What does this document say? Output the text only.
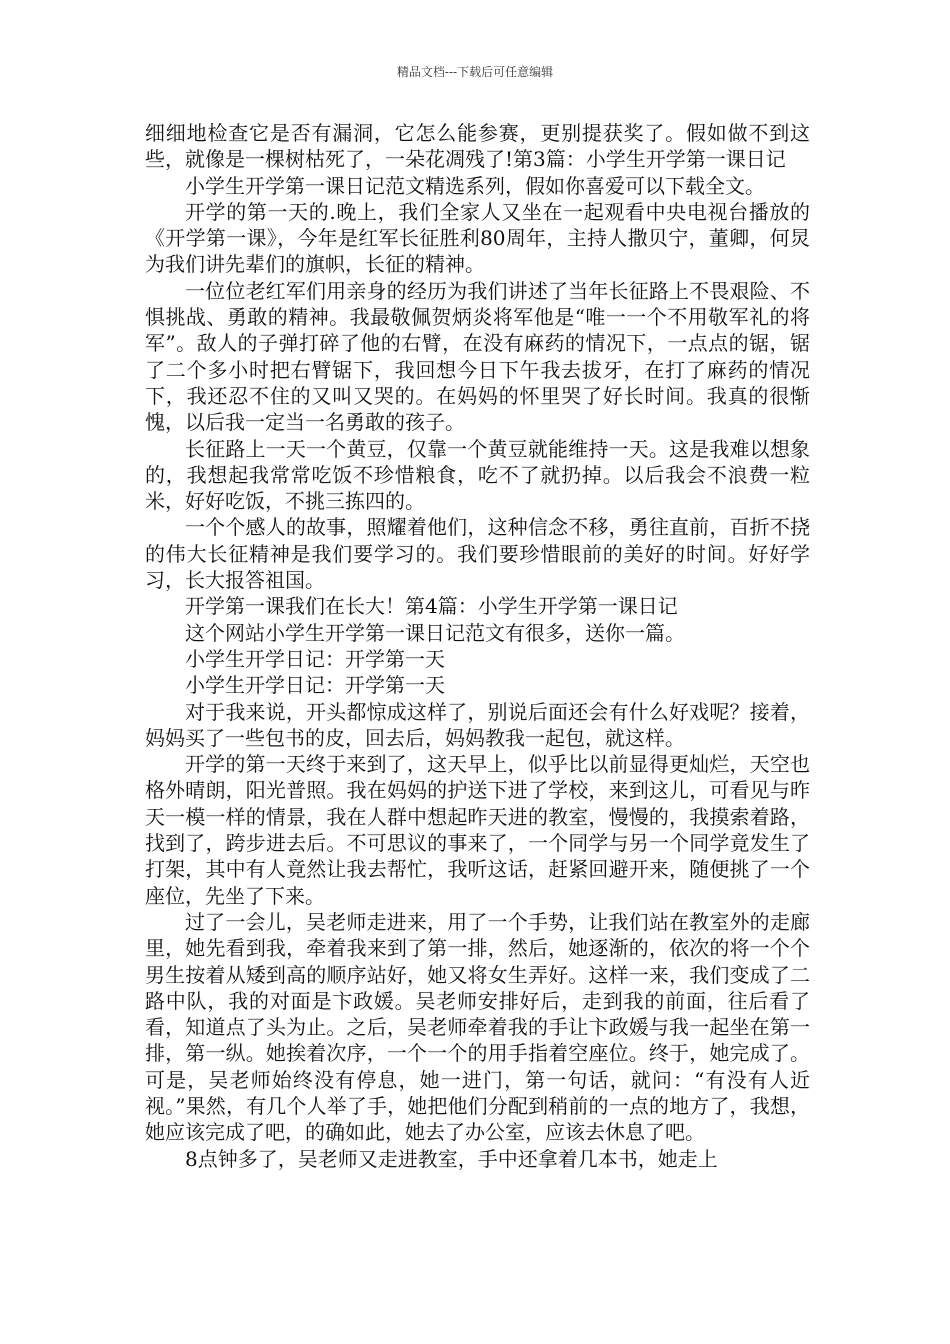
精品文档---下载后可任意编辑

细细地检查它是否有漏洞，它怎么能参赛，更别提获奖了。假如做不到这些，就像是一棵树枯死了，一朵花凋残了!第3篇：小学生开学第一课日记

小学生开学第一课日记范文精选系列，假如你喜爱可以下载全文。

开学的第一天的.晚上，我们全家人又坐在一起观看中央电视台播放的《开学第一课》，今年是红军长征胜利80周年，主持人撒贝宁，董卿，何炅为我们讲先辈们的旗帜，长征的精神。

一位位老红军们用亲身的经历为我们讲述了当年长征路上不畏艰险、不惧挑战、勇敢的精神。我最敬佩贺炳炎将军他是“唯一一个不用敬军礼的将军”。敌人的子弹打碎了他的右臂，在没有麻药的情况下，一点点的锯，锯了二个多小时把右臂锯下，我回想今日下午我去拔牙，在打了麻药的情况下，我还忍不住的又叫又哭的。在妈妈的怀里哭了好长时间。我真的很惭愧，以后我一定当一名勇敢的孩子。

长征路上一天一个黄豆，仅靠一个黄豆就能维持一天。这是我难以想象的，我想起我常常吃饭不珍惜粮食，吃不了就扔掉。以后我会不浪费一粒米，好好吃饭，不挑三拣四的。

一个个感人的故事，照耀着他们，这种信念不移，勇往直前，百折不挠的伟大长征精神是我们要学习的。我们要珍惜眼前的美好的时间。好好学习，长大报答祖国。

开学第一课我们在长大！第4篇：小学生开学第一课日记

这个网站小学生开学第一课日记范文有很多，送你一篇。

小学生开学日记：开学第一天

小学生开学日记：开学第一天

对于我来说，开头都惊成这样了，别说后面还会有什么好戏呢？接着，妈妈买了一些包书的皮，回去后，妈妈教我一起包，就这样。

开学的第一天终于来到了，这天早上，似乎比以前显得更灿烂，天空也格外晴朗，阳光普照。我在妈妈的护送下进了学校，来到这儿，可看见与昨天一模一样的情景，我在人群中想起昨天进的教室，慢慢的，我摸索着路，找到了，跨步进去后。不可思议的事来了，一个同学与另一个同学竟发生了打架，其中有人竟然让我去帮忙，我听这话，赶紧回避开来，随便挑了一个座位，先坐了下来。

过了一会儿，吴老师走进来，用了一个手势，让我们站在教室外的走廊里，她先看到我，牵着我来到了第一排，然后，她逐渐的，依次的将一个个男生按着从矮到高的顺序站好，她又将女生弄好。这样一来，我们变成了二路中队，我的对面是卞政媛。吴老师安排好后，走到我的前面，往后看了看，知道点了头为止。之后，吴老师牵着我的手让卞政媛与我一起坐在第一排，第一纵。她挨着次序，一个一个的用手指着空座位。终于，她完成了。可是，吴老师始终没有停息，她一进门，第一句话，就问：“有没有人近视。”果然，有几个人举了手，她把他们分配到稍前的一点的地方了，我想，她应该完成了吧，的确如此，她去了办公室，应该去休息了吧。

8点钟多了，吴老师又走进教室，手中还拿着几本书，她走上
